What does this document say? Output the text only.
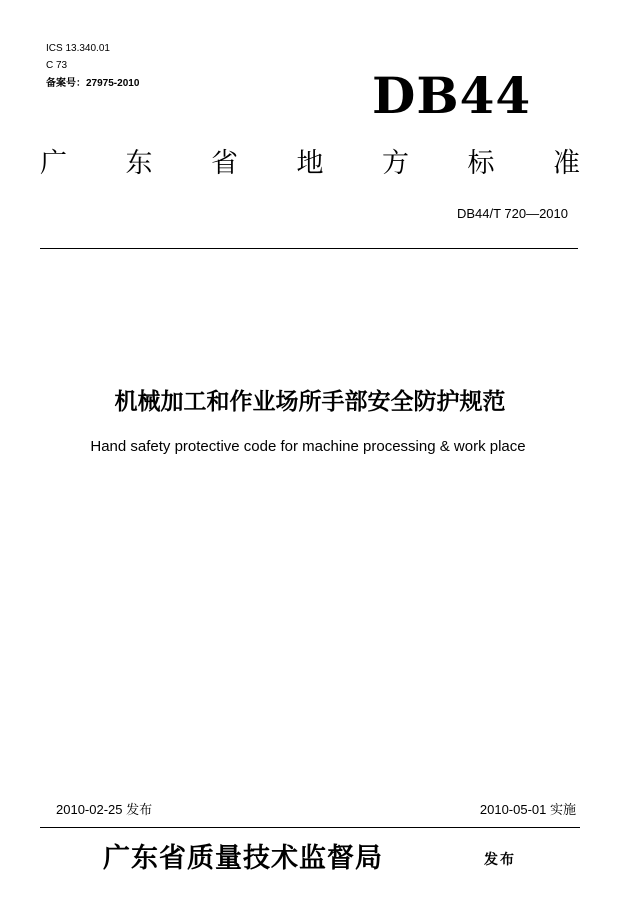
ICS 13.340.01
C 73
备案号：27975-2010	DB44
广 东 省 地 方 标 准
DB44/T 720—2010
机械加工和作业场所手部安全防护规范
Hand safety protective code for machine processing & work place
2010-02-25 发布	2010-05-01 实施
广东省质量技术监督局	发布
